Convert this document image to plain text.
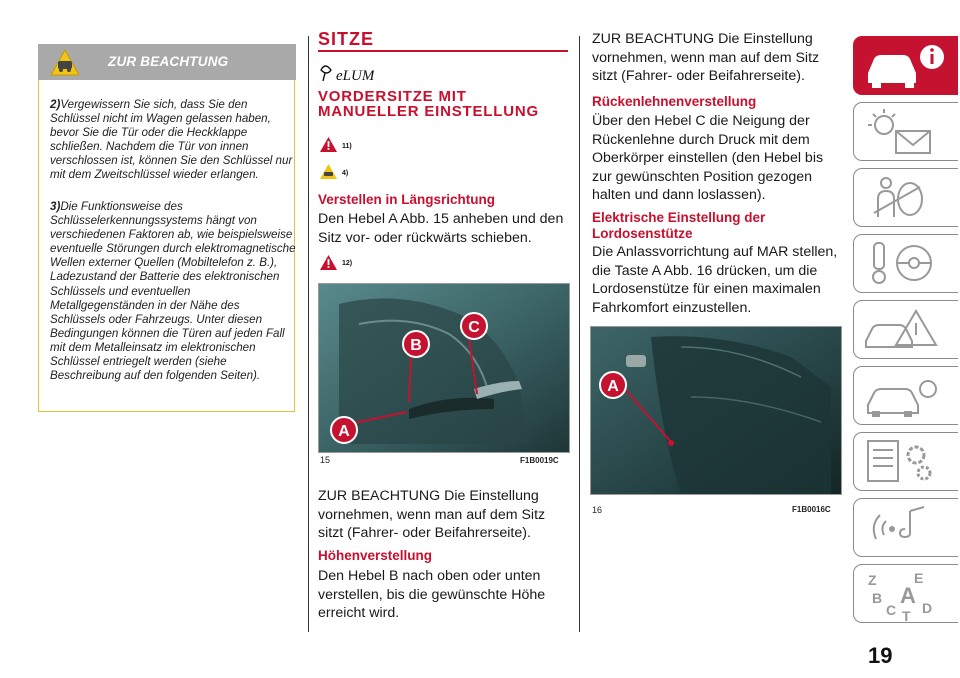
ZUR BEACHTUNG
2)Vergewissern Sie sich, dass Sie den Schlüssel nicht im Wagen gelassen haben, bevor Sie die Tür oder die Heckklappe schließen. Nachdem die Tür von innen verschlossen ist, können Sie den Schlüssel nur mit dem Zweitschlüssel wieder erlangen.
3)Die Funktionsweise des Schlüsselerkennungssystems hängt von verschiedenen Faktoren ab, wie beispielsweise eventuelle Störungen durch elektromagnetische Wellen externer Quellen (Mobiltelefon z. B.), Ladezustand der Batterie des elektronischen Schlüssels und eventuellen Metallgegenständen in der Nähe des Schlüssels oder Fahrzeugs. Unter diesen Bedingungen können die Türen auf jeden Fall mit dem Metalleinsatz im elektronischen Schlüssel entriegelt werden (siehe Beschreibung auf den folgenden Seiten).
SITZE
eLUM
VORDERSITZE MIT MANUELLER EINSTELLUNG
11)
4)
Verstellen in Längsrichtung
Den Hebel A Abb. 15 anheben und den Sitz vor- oder rückwärts schieben.
12)
B
C
A
15	F1B0019C
ZUR BEACHTUNG Die Einstellung vornehmen, wenn man auf dem Sitz sitzt (Fahrer- oder Beifahrerseite).
Höhenverstellung
Den Hebel B nach oben oder unten verstellen, bis die gewünschte Höhe erreicht wird.
ZUR BEACHTUNG Die Einstellung vornehmen, wenn man auf dem Sitz sitzt (Fahrer- oder Beifahrerseite).
Rückenlehnenverstellung
Über den Hebel C die Neigung der Rückenlehne durch Druck mit dem Oberkörper einstellen (den Hebel bis zur gewünschten Position gezogen halten und dann loslassen).
Elektrische Einstellung der Lordosenstütze
Die Anlassvorrichtung auf MAR stellen, die Taste A Abb. 16 drücken, um die Lordosenstütze für einen maximalen Fahrkomfort einzustellen.
A
16	F1B0016C
Z	E
B A
C T D
19
